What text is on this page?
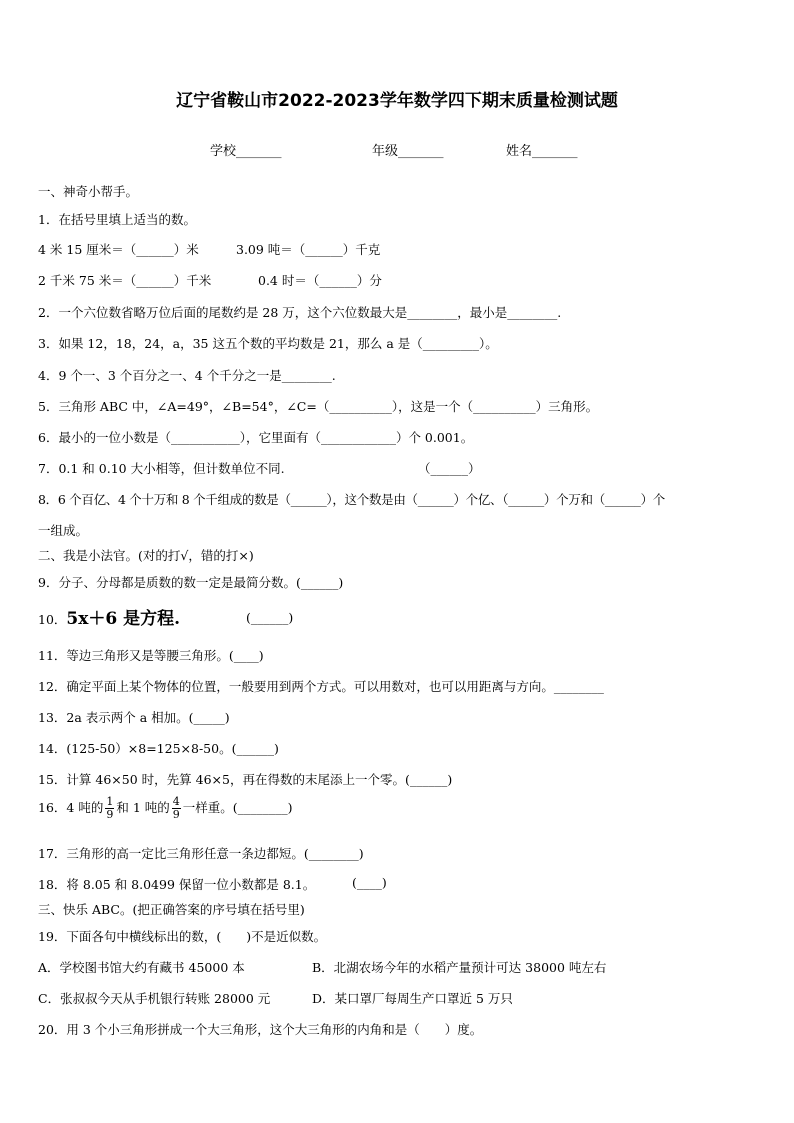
辽宁省鞍山市2022-2023学年数学四下期末质量检测试题
学校_______	年级_______	姓名_______
一、神奇小帮手。
1．在括号里填上适当的数。
4 米 15 厘米＝（______）米	3.09 吨＝（______）千克
2 千米 75 米＝（______）千米	0.4 时＝（______）分
2．一个六位数省略万位后面的尾数约是 28 万，这个六位数最大是________，最小是________.
3．如果 12，18，24，a，35 这五个数的平均数是 21，那么 a 是（_________）。
4．9 个一、3 个百分之一、4 个千分之一是________.
5．三角形 ABC 中，∠A=49°，∠B=54°，∠C=（__________），这是一个（__________）三角形。
6．最小的一位小数是（___________），它里面有（____________）个 0.001。
7．0.1 和 0.10 大小相等，但计数单位不同.	（______）
8．6 个百亿、4 个十万和 8 个千组成的数是（______），这个数是由（______）个亿、（______）个万和（______）个
一组成。
二、我是小法官。(对的打√，错的打×)
9．分子、分母都是质数的数一定是最简分数。(______)
10．5x＋6 是方程.	(______)
11．等边三角形又是等腰三角形。(____)
12．确定平面上某个物体的位置，一般要用到两个方式。可以用数对，也可以用距离与方向。________
13．2a 表示两个 a 相加。(_____)
14．(125-50）×8=125×8-50。(______)
15．计算 46×50 时，先算 46×5，再在得数的末尾添上一个零。(______)
16．4 吨的 $\frac{1}{9}$ 和 1 吨的 $\frac{4}{9}$ 一样重。(________)
17．三角形的高一定比三角形任意一条边都短。(________)
18．将 8.05 和 8.0499 保留一位小数都是 8.1。	(____)
三、快乐 ABC。(把正确答案的序号填在括号里)
19．下面各句中横线标出的数，(　　)不是近似数。
A．学校图书馆大约有藏书 45000 本	B．北湖农场今年的水稻产量预计可达 38000 吨左右
C．张叔叔今天从手机银行转账 28000 元	D．某口罩厂每周生产口罩近 5 万只
20．用 3 个小三角形拼成一个大三角形，这个大三角形的内角和是（　　）度。
